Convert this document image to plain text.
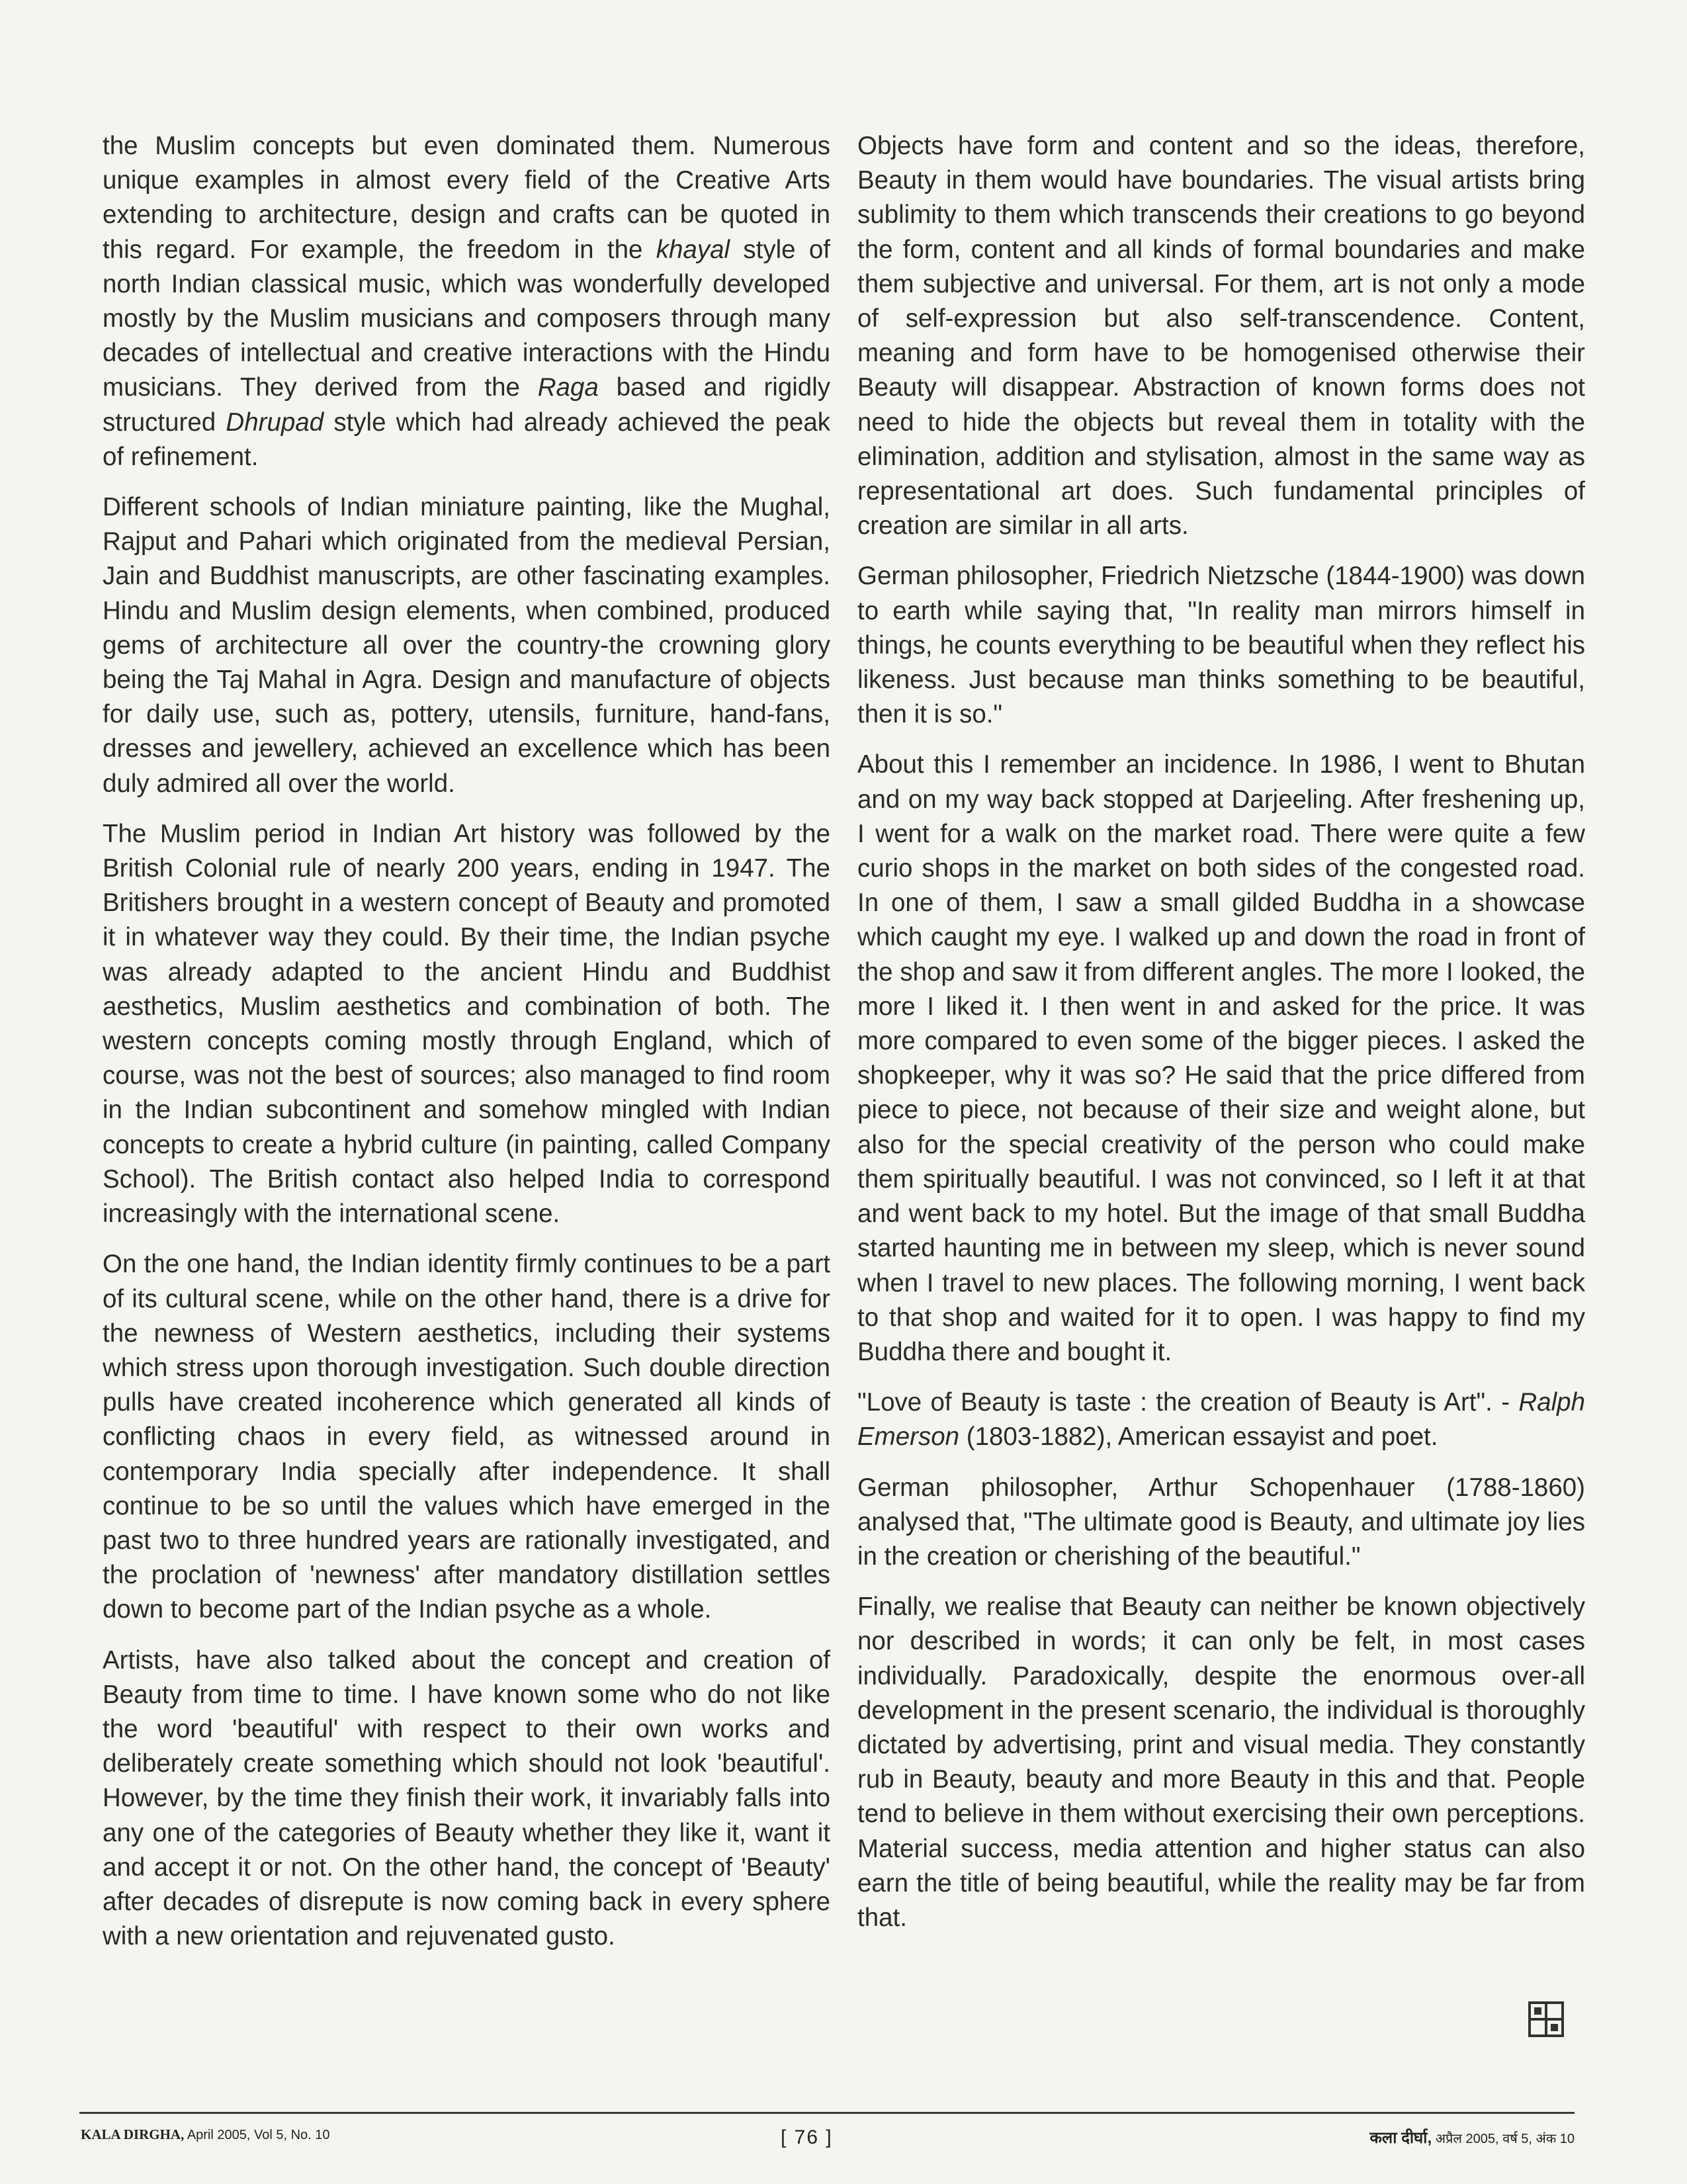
the Muslim concepts but even dominated them. Numerous unique examples in almost every field of the Creative Arts extending to architecture, design and crafts can be quoted in this regard. For example, the freedom in the khayal style of north Indian classical music, which was wonderfully developed mostly by the Muslim musicians and composers through many decades of intellectual and creative interactions with the Hindu musicians. They derived from the Raga based and rigidly structured Dhrupad style which had already achieved the peak of refinement.

Different schools of Indian miniature painting, like the Mughal, Rajput and Pahari which originated from the medieval Persian, Jain and Buddhist manuscripts, are other fascinating examples. Hindu and Muslim design elements, when combined, produced gems of architecture all over the country-the crowning glory being the Taj Mahal in Agra. Design and manufacture of objects for daily use, such as, pottery, utensils, furniture, hand-fans, dresses and jewellery, achieved an excellence which has been duly admired all over the world.

The Muslim period in Indian Art history was followed by the British Colonial rule of nearly 200 years, ending in 1947. The Britishers brought in a western concept of Beauty and promoted it in whatever way they could. By their time, the Indian psyche was already adapted to the ancient Hindu and Buddhist aesthetics, Muslim aesthetics and combination of both. The western concepts coming mostly through England, which of course, was not the best of sources; also managed to find room in the Indian subcontinent and somehow mingled with Indian concepts to create a hybrid culture (in painting, called Company School). The British contact also helped India to correspond increasingly with the international scene.

On the one hand, the Indian identity firmly continues to be a part of its cultural scene, while on the other hand, there is a drive for the newness of Western aesthetics, including their systems which stress upon thorough investigation. Such double direction pulls have created incoherence which generated all kinds of conflicting chaos in every field, as witnessed around in contemporary India specially after independence. It shall continue to be so until the values which have emerged in the past two to three hundred years are rationally investigated, and the proclation of 'newness' after mandatory distillation settles down to become part of the Indian psyche as a whole.

Artists, have also talked about the concept and creation of Beauty from time to time. I have known some who do not like the word 'beautiful' with respect to their own works and deliberately create something which should not look 'beautiful'. However, by the time they finish their work, it invariably falls into any one of the categories of Beauty whether they like it, want it and accept it or not. On the other hand, the concept of 'Beauty' after decades of disrepute is now coming back in every sphere with a new orientation and rejuvenated gusto.

Objects have form and content and so the ideas, therefore, Beauty in them would have boundaries. The visual artists bring sublimity to them which transcends their creations to go beyond the form, content and all kinds of formal boundaries and make them subjective and universal. For them, art is not only a mode of self-expression but also self-transcendence. Content, meaning and form have to be homogenised otherwise their Beauty will disappear. Abstraction of known forms does not need to hide the objects but reveal them in totality with the elimination, addition and stylisation, almost in the same way as representational art does. Such fundamental principles of creation are similar in all arts.

German philosopher, Friedrich Nietzsche (1844-1900) was down to earth while saying that, "In reality man mirrors himself in things, he counts everything to be beautiful when they reflect his likeness. Just because man thinks something to be beautiful, then it is so."

About this I remember an incidence. In 1986, I went to Bhutan and on my way back stopped at Darjeeling. After freshening up, I went for a walk on the market road. There were quite a few curio shops in the market on both sides of the congested road. In one of them, I saw a small gilded Buddha in a showcase which caught my eye. I walked up and down the road in front of the shop and saw it from different angles. The more I looked, the more I liked it. I then went in and asked for the price. It was more compared to even some of the bigger pieces. I asked the shopkeeper, why it was so? He said that the price differed from piece to piece, not because of their size and weight alone, but also for the special creativity of the person who could make them spiritually beautiful. I was not convinced, so I left it at that and went back to my hotel. But the image of that small Buddha started haunting me in between my sleep, which is never sound when I travel to new places. The following morning, I went back to that shop and waited for it to open. I was happy to find my Buddha there and bought it.

"Love of Beauty is taste : the creation of Beauty is Art". - Ralph Emerson (1803-1882), American essayist and poet.

German philosopher, Arthur Schopenhauer (1788-1860) analysed that, "The ultimate good is Beauty, and ultimate joy lies in the creation or cherishing of the beautiful."

Finally, we realise that Beauty can neither be known objectively nor described in words; it can only be felt, in most cases individually. Paradoxically, despite the enormous over-all development in the present scenario, the individual is thoroughly dictated by advertising, print and visual media. They constantly rub in Beauty, beauty and more Beauty in this and that. People tend to believe in them without exercising their own perceptions. Material success, media attention and higher status can also earn the title of being beautiful, while the reality may be far from that.

KALA DIRGHA, April 2005, Vol 5, No. 10	[ 76 ]	कला दीर्घा, अप्रैल 2005, वर्ष 5, अंक 10
